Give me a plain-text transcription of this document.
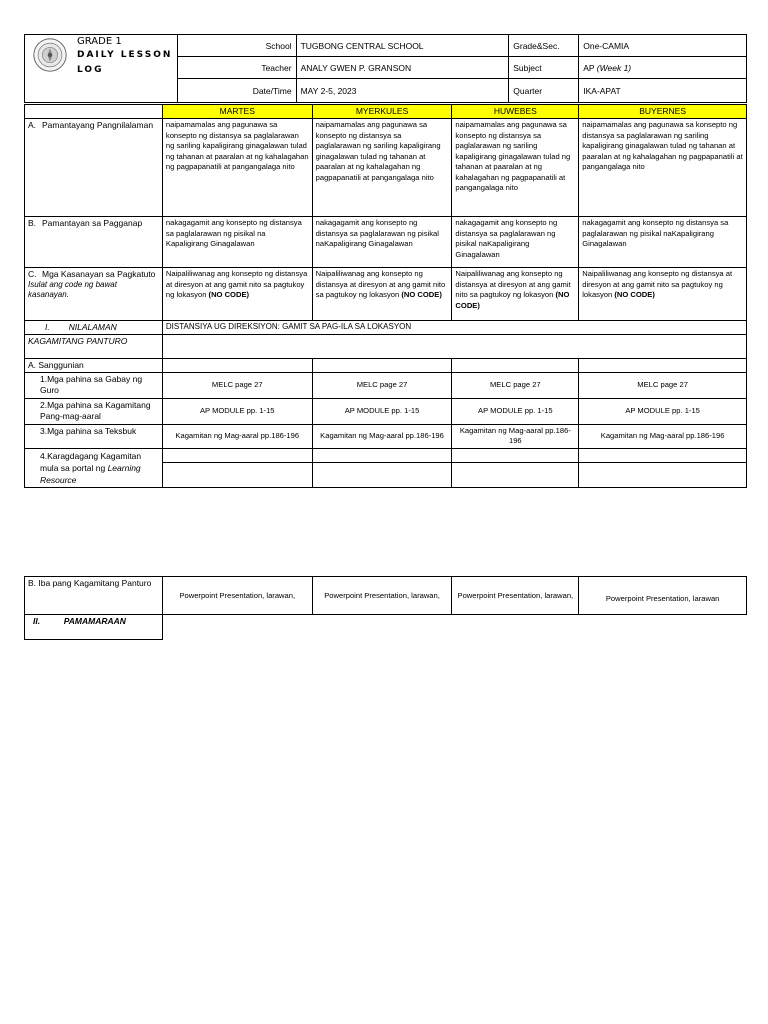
GRADE 1
DAILY LESSON
LOG	School	TUGBONG CENTRAL SCHOOL	Grade&Sec.	One-CAMIA
	Teacher	ANALY GWEN P. GRANSON	Subject	AP (Week 1)
	Date/Time	MAY 2-5, 2023	Quarter	IKA-APAT
	MARTES	MYERKULES	HUWEBES	BUYERNES
A. Pamantayang Pangnilalaman	naipamamalas ang pagunawa sa konsepto ng distansya sa paglalarawan ng sariling kapaligirang ginagalawan tulad ng tahanan at paaralan at ng kahalagahan ng pagpapanatili at pangangalaga nito	naipamamalas ang pagunawa sa konsepto ng distansya sa paglalarawan ng sariling kapaligirang ginagalawan tulad ng tahanan at paaralan at ng kahalagahan ng pagpapanatili at pangangalaga nito	naipamamalas ang pagunawa sa konsepto ng distansya sa paglalarawan ng sariling kapaligirang ginagalawan tulad ng tahanan at paaralan at ng kahalagahan ng pagpapanatili at pangangalaga nito	naipamamalas ang pagunawa sa konsepto ng distansya sa paglalarawan ng sariling kapaligirang ginagalawan tulad ng tahanan at paaralan at ng kahalagahan ng pagpapanatili at pangangalaga nito
B. Pamantayan sa Pagganap	nakagagamit ang konsepto ng distansya sa paglalarawan ng pisikal na Kapaligirang Ginagalawan	nakagagamit ang konsepto ng distansya sa paglalarawan ng pisikal naKapaligirang Ginagalawan	nakagagamit ang konsepto ng distansya sa paglalarawan ng pisikal naKapaligirang Ginagalawan	nakagagamit ang konsepto ng distansya sa paglalarawan ng pisikal naKapaligirang Ginagalawan
C. Mga Kasanayan sa Pagkatuto
Isulat ang code ng bawat kasanayan.	Naipaliliwanag ang konsepto ng distansya at diresyon at ang gamit nito sa pagtukoy ng lokasyon (NO CODE)	Naipaliliwanag ang konsepto ng distansya at diresyon at ang gamit nito sa pagtukoy ng lokasyon (NO CODE)	Naipaliliwanag ang konsepto ng distansya at diresyon at ang gamit nito sa pagtukoy ng lokasyon (NO CODE)	Naipaliliwanag ang konsepto ng distansya at diresyon at ang gamit nito sa pagtukoy ng lokasyon (NO CODE)
I. NILALAMAN	DISTANSIYA UG DIREKSIYON: GAMIT SA PAG-ILA SA LOKASYON			
KAGAMITANG PANTURO				
A. Sanggunian				

1.Mga pahina sa Gabay ng Guro	MELC page 27	MELC page 27	MELC page 27	MELC page 27

2.Mga pahina sa Kagamitang Pang-mag-aaral	AP MODULE pp. 1-15	AP MODULE pp. 1-15	AP MODULE pp. 1-15	AP MODULE pp. 1-15

3.Mga pahina sa Teksbuk	Kagamitan ng Mag-aaral pp.186-196	Kagamitan ng Mag-aaral pp.186-196	Kagamitan ng Mag-aaral pp.186-196	Kagamitan ng Mag-aaral pp.186-196

4.Karagdagang Kagamitan mula sa portal ng Learning Resource				

B. Iba pang Kagamitang Panturo	Powerpoint Presentation, larawan,	Powerpoint Presentation, larawan,	Powerpoint Presentation, larawan,	Powerpoint Presentation, larawan
II. PAMAMARAAN				
